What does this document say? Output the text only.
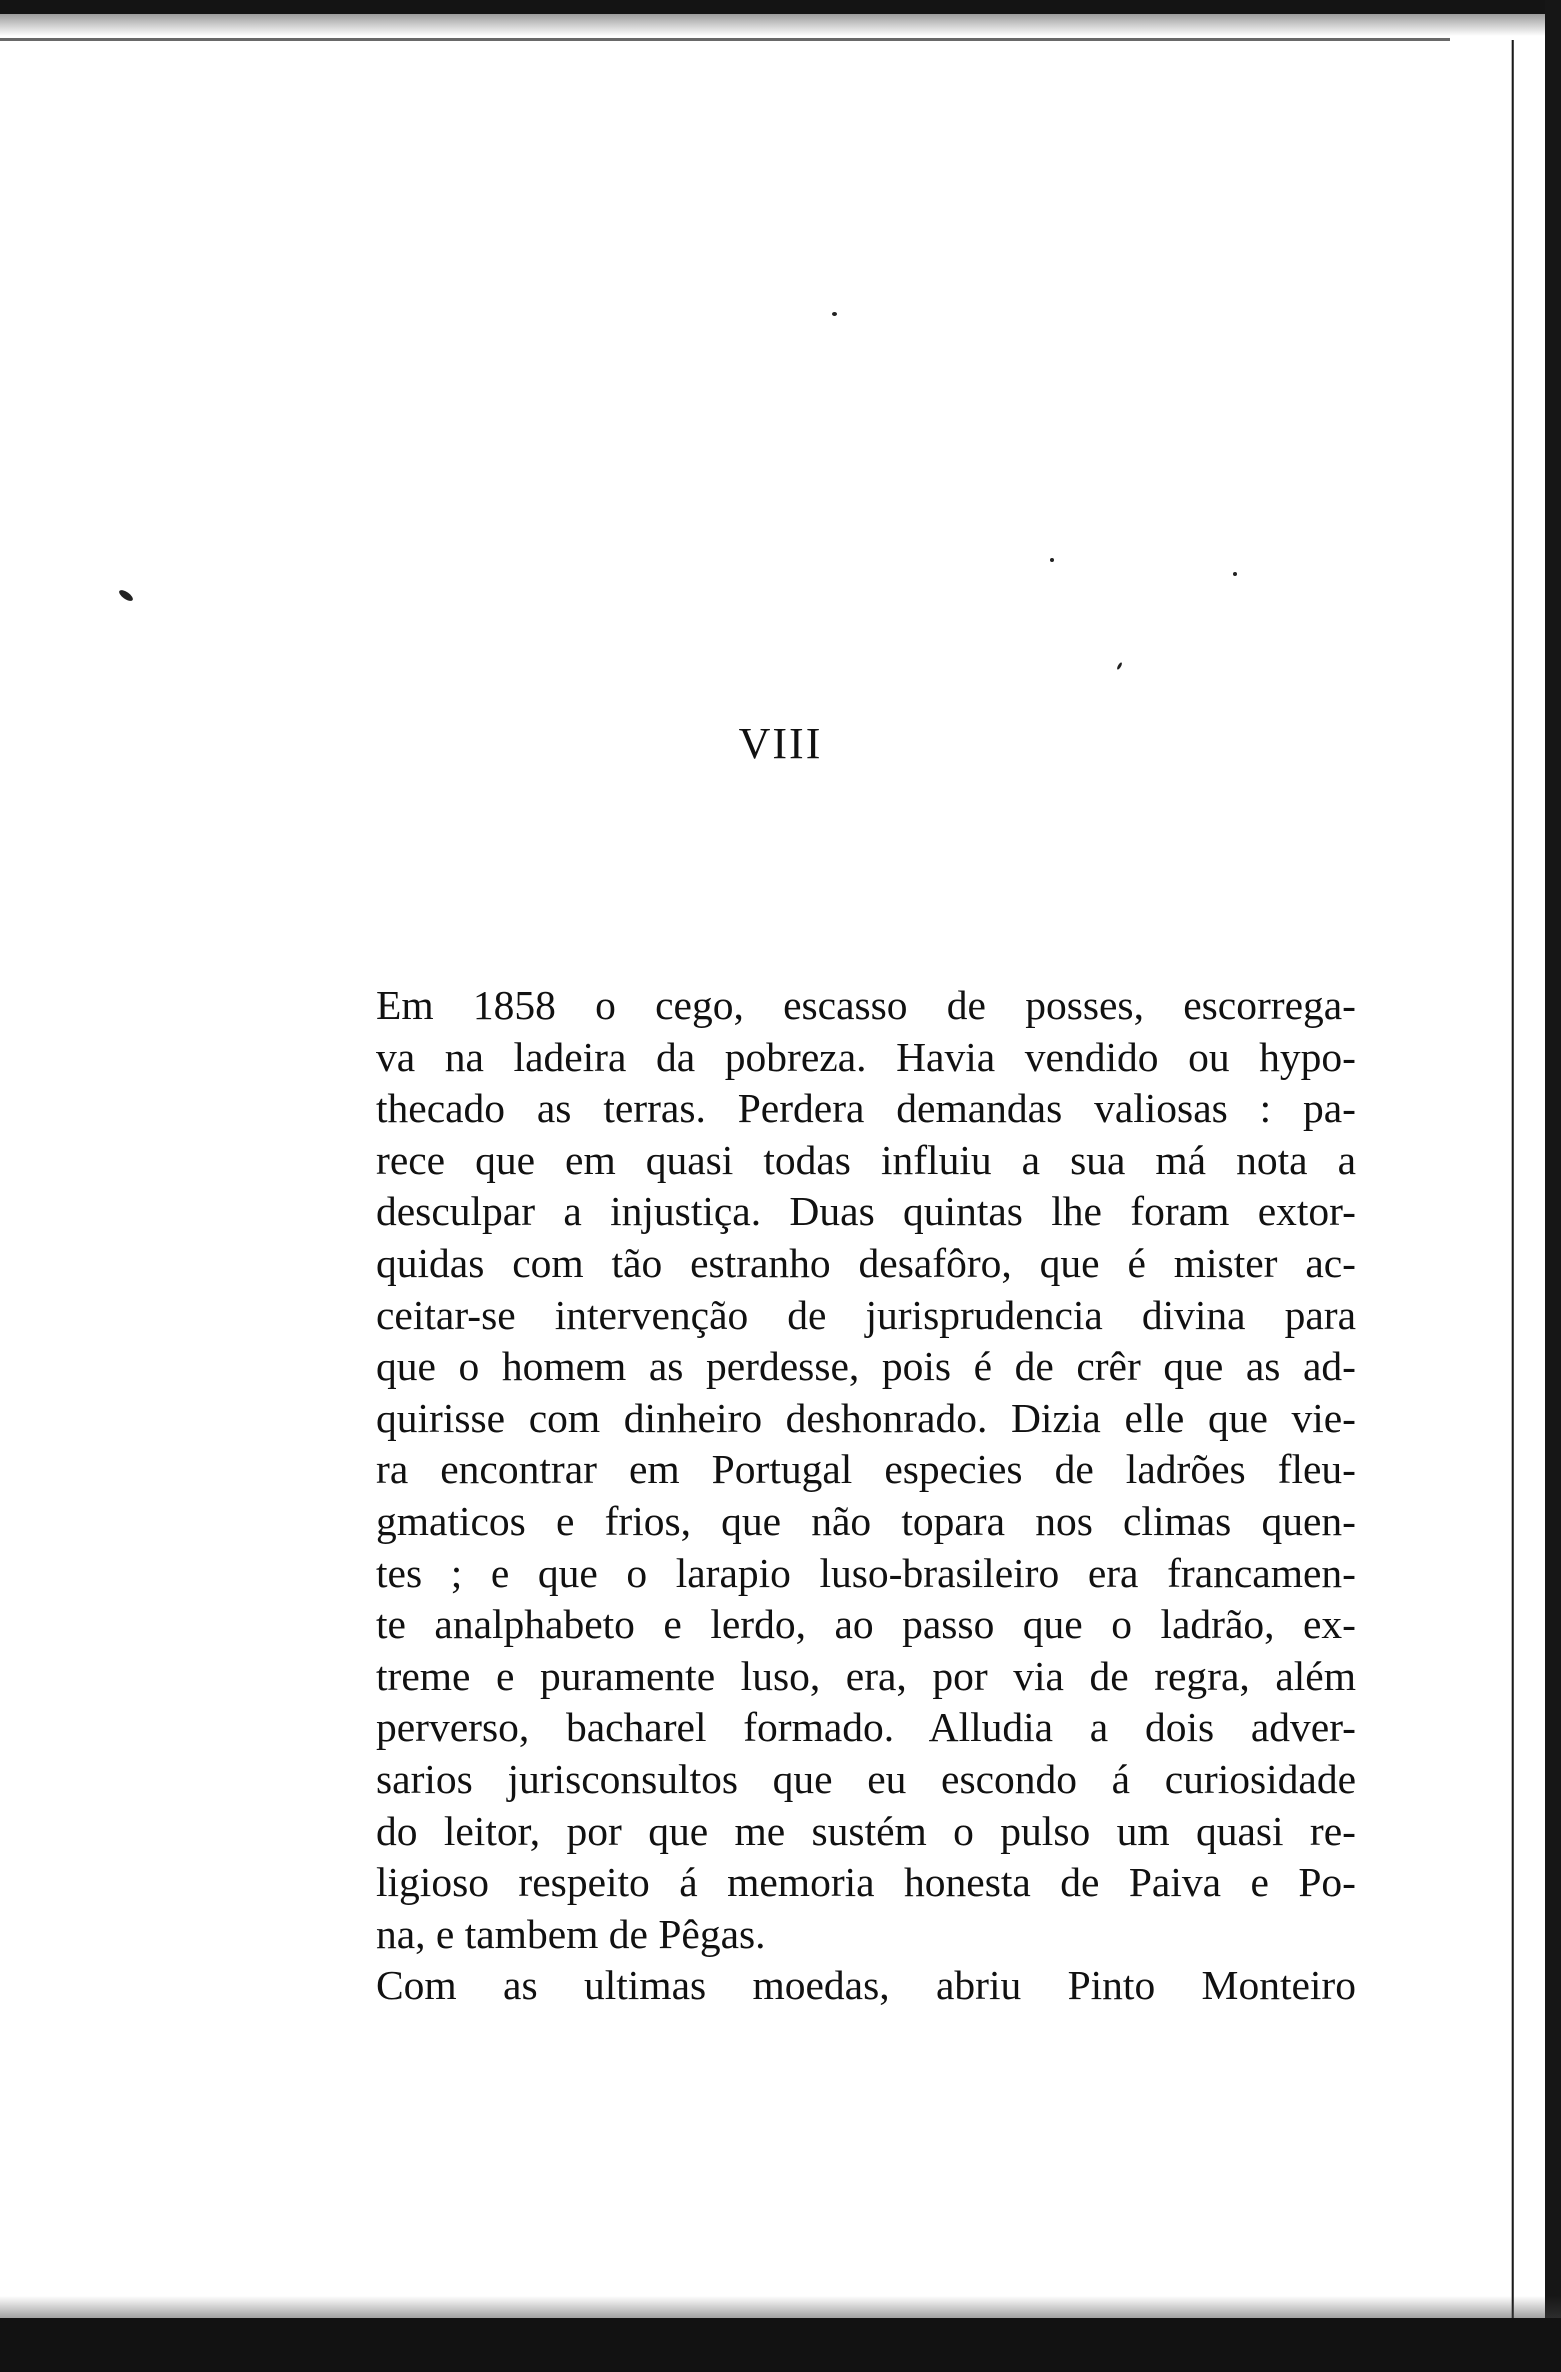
VIII
Em 1858 o cego, escasso de posses, escorrega-
va na ladeira da pobreza. Havia vendido ou hypo-
thecado as terras. Perdera demandas valiosas : pa-
rece que em quasi todas influiu a sua má nota a
desculpar a injustiça. Duas quintas lhe foram extor-
quidas com tão estranho desafôro, que é mister ac-
ceitar-se intervenção de jurisprudencia divina para
que o homem as perdesse, pois é de crêr que as ad-
quirisse com dinheiro deshonrado. Dizia elle que vie-
ra encontrar em Portugal especies de ladrões fleu-
gmaticos e frios, que não topara nos climas quen-
tes ; e que o larapio luso-brasileiro era francamen-
te analphabeto e lerdo, ao passo que o ladrão, ex-
treme e puramente luso, era, por via de regra, além
perverso, bacharel formado. Alludia a dois adver-
sarios jurisconsultos que eu escondo á curiosidade
do leitor, por que me sustém o pulso um quasi re-
ligioso respeito á memoria honesta de Paiva e Po-
na, e tambem de Pêgas.
Com as ultimas moedas, abriu Pinto Monteiro
